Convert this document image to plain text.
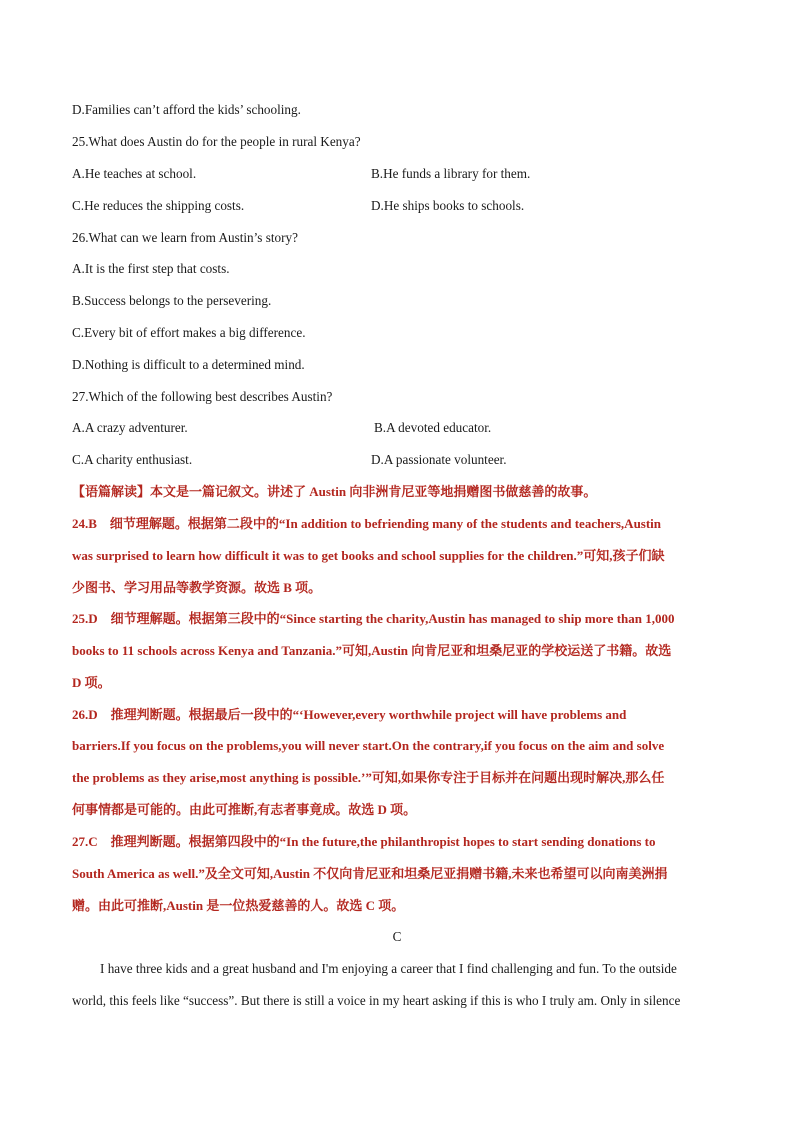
D.Families can’t afford the kids’ schooling.
25.What does Austin do for the people in rural Kenya?
A.He teaches at school.	B.He funds a library for them.
C.He reduces the shipping costs.	D.He ships books to schools.
26.What can we learn from Austin’s story?
A.It is the first step that costs.
B.Success belongs to the persevering.
C.Every bit of effort makes a big difference.
D.Nothing is difficult to a determined mind.
27.Which of the following best describes Austin?
A.A crazy adventurer.	B.A devoted educator.
C.A charity enthusiast.	D.A passionate volunteer.
【语篇解读】本文是一篇记叙文。讲述了 Austin 向非洲肯尼亚等地捐赠图书做慈善的故事。
24.B　细节理解题。根据第二段中的“In addition to befriending many of the students and teachers,Austin
was surprised to learn how difficult it was to get books and school supplies for the children.”可知,孩子们缺
少图书、学习用品等教学资源。故选 B 项。
25.D　细节理解题。根据第三段中的“Since starting the charity,Austin has managed to ship more than 1,000
books to 11 schools across Kenya and Tanzania.”可知,Austin 向肯尼亚和坦桑尼亚的学校运送了书籍。故选
D 项。
26.D　推理判断题。根据最后一段中的“‘However,every worthwhile project will have problems and
barriers.If you focus on the problems,you will never start.On the contrary,if you focus on the aim and solve
the problems as they arise,most anything is possible.’”可知,如果你专注于目标并在问题出现时解决,那么任
何事情都是可能的。由此可推断,有志者事竟成。故选 D 项。
27.C　推理判断题。根据第四段中的“In the future,the philanthropist hopes to start sending donations to
South America as well.”及全文可知,Austin 不仅向肯尼亚和坦桑尼亚捐赠书籍,未来也希望可以向南美洲捐
赠。由此可推断,Austin 是一位热爱慈善的人。故选 C 项。
C
I have three kids and a great husband and I'm enjoying a career that I find challenging and fun. To the outside
world, this feels like “success”. But there is still a voice in my heart asking if this is who I truly am. Only in silence
